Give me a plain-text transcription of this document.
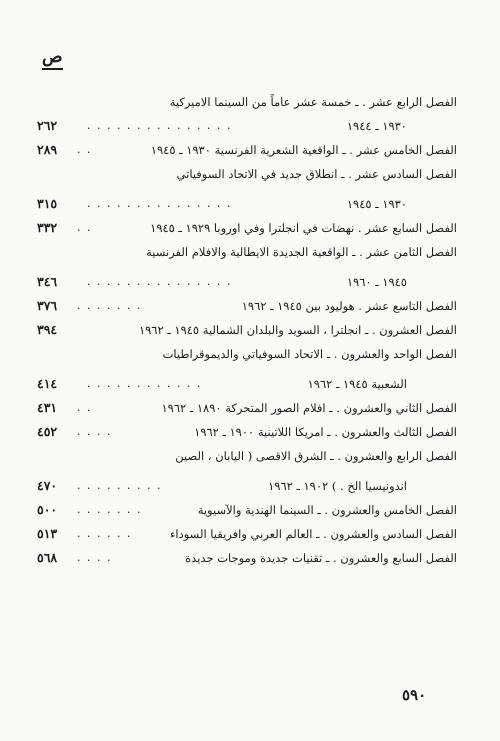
ص
الفصل الرابع عشر . ـ خمسة عشر عاماً من السينما الاميركية
١٩٣٠ ـ ١٩٤٤
. . . . . . . . . . . . . . .
٢٦٢
الفصل الخامس عشر . ـ الواقعية الشعرية الفرنسية ١٩٣٠ ـ ١٩٤٥
. .
٢٨٩
الفصل السادس عشر . ـ انطلاق جديد في الاتحاد السوفياتي
١٩٣٠ ـ ١٩٤٥
. . . . . . . . . . . . . . .
٣١٥
الفصل السابع عشر . نهضات في انجلترا وفي اوروبا ١٩٢٩ ـ ١٩٤٥
. .
٣٣٢
الفصل الثامن عشر . ـ الواقعية الجديدة الايطالية والافلام الفرنسية
١٩٤٥ ـ ١٩٦٠
. . . . . . . . . . . . . . .
٣٤٦
الفصل التاسع عشر . هوليود بين ١٩٤٥ ـ ١٩٦٢
. . . . . . .
٣٧٦
الفصل العشرون . ـ انجلترا ، السويد والبلدان الشمالية ١٩٤٥ ـ ١٩٦٢
٣٩٤
الفصل الواحد والعشرون . ـ الاتحاد السوفياتي والديموقراطيات
الشعبية ١٩٤٥ ـ ١٩٦٢
. . . . . . . . . . . .
٤١٤
الفصل الثاني والعشرون . ـ افلام الصور المتحركة ١٨٩٠ ـ ١٩٦٢
. .
٤٣١
الفصل الثالث والعشرون . ـ امريكا اللاتينية ١٩٠٠ ـ ١٩٦٢
. . . .
٤٥٢
الفصل الرابع والعشرون . ـ الشرق الاقصى ( اليابان ، الصين
اندونيسيا الخ . ) ١٩٠٢ ـ ١٩٦٢
. . . . . . . . .
٤٧٠
الفصل الخامس والعشرون . ـ السينما الهندية والآسيوية
. . . . . . .
٥٠٠
الفصل السادس والعشرون . ـ العالم العربي وافريقيا السوداء
. . . . . .
٥١٣
الفصل السابع والعشرون . ـ تقنيات جديدة وموجات جديدة
. . . .
٥٦٨
٥٩٠
